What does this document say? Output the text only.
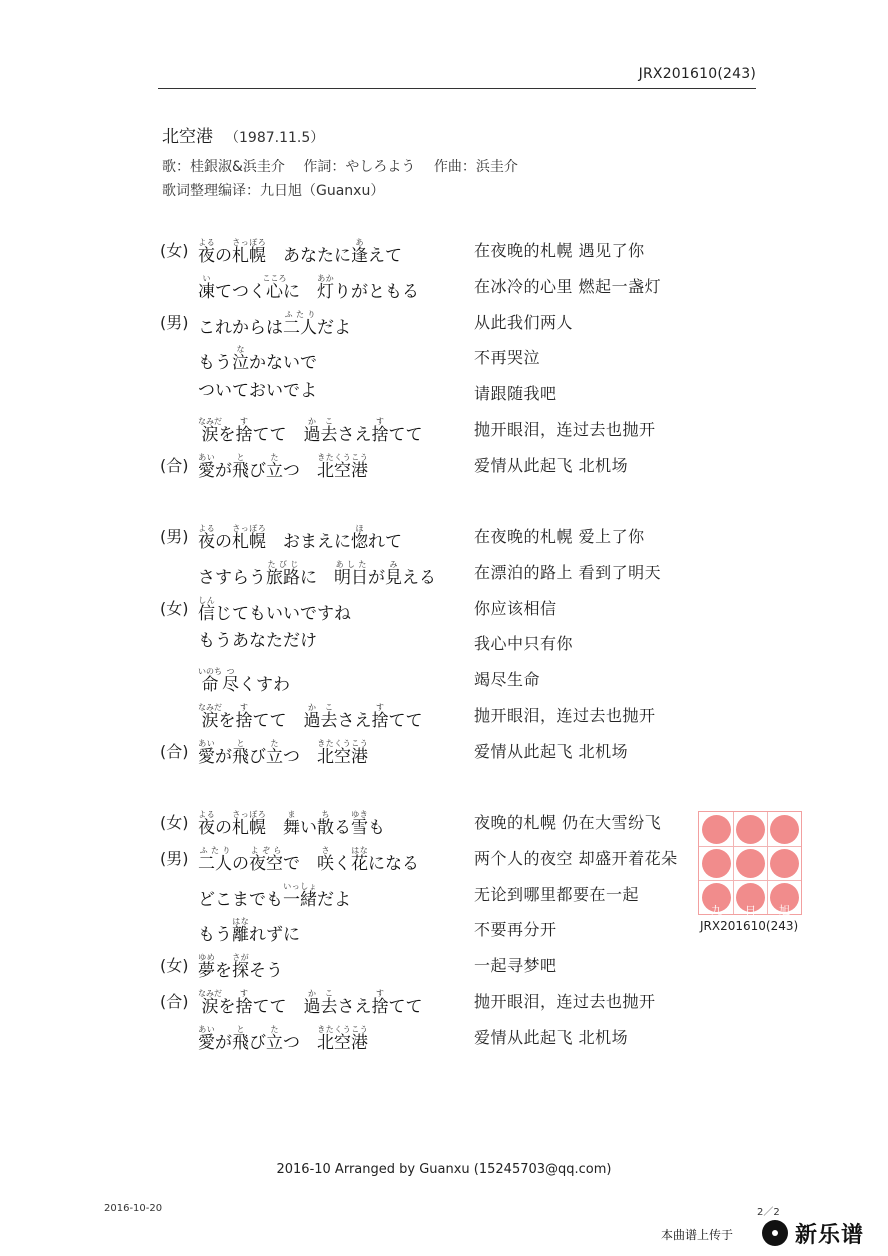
JRX201610(243)
北空港 （1987.11.5）
歌：桂銀淑&浜圭介 作詞：やしろよう 作曲：浜圭介
歌词整理编译：九日旭（Guanxu）
(女) 夜よるの札幌さっぽろ　あなたに逢あえて	在夜晚的札幌 遇见了你
凍いてつく心こころに　灯あかりがともる	在冰冷的心里 燃起一盏灯
(男) これからは二人ふたりだよ	从此我们两人
もう泣なかないで	不再哭泣
ついておいでよ	请跟随我吧
涙なみだを捨すてて　過去かこさえ捨すてて	抛开眼泪，连过去也抛开
(合) 愛あいが飛とび立たつ　北空港きたくうこう	爱情从此起飞 北机场
(男) 夜よるの札幌さっぽろ　おまえに惚ほれて	在夜晚的札幌 爱上了你
さすらう旅路たびじに　明日あしたが見みえる 在漂泊的路上 看到了明天
(女) 信しんじてもいいですね	你应该相信
もうあなただけ	我心中只有你
命いのち尽つくすわ	竭尽生命
涙なみだを捨すてて　過去かこさえ捨すてて	抛开眼泪，连过去也抛开
(合) 愛あいが飛とび立たつ　北空港きたくうこう	爱情从此起飞 北机场
(女) 夜よるの札幌さっぽろ　舞まい散ちる雪ゆきも	夜晚的札幌 仍在大雪纷飞
(男) 二人ふたりの夜空よぞらで　咲さく花はなになる	两个人的夜空 却盛开着花朵
どこまでも一緒いっしょだよ	无论到哪里都要在一起
もう離はなれずに	不要再分开
(女) 夢ゆめを探さがそう	一起寻梦吧
(合) 涙なみだを捨すてて　過去かこさえ捨すてて	抛开眼泪，连过去也抛开
愛あいが飛とび立たつ　北空港きたくうこう	爱情从此起飞 北机场
九	日	旭
JRX201610(243)
2016-10 Arranged by Guanxu (15245703@qq.com)
2016-10-20	2／2
本曲谱上传于	新乐谱
